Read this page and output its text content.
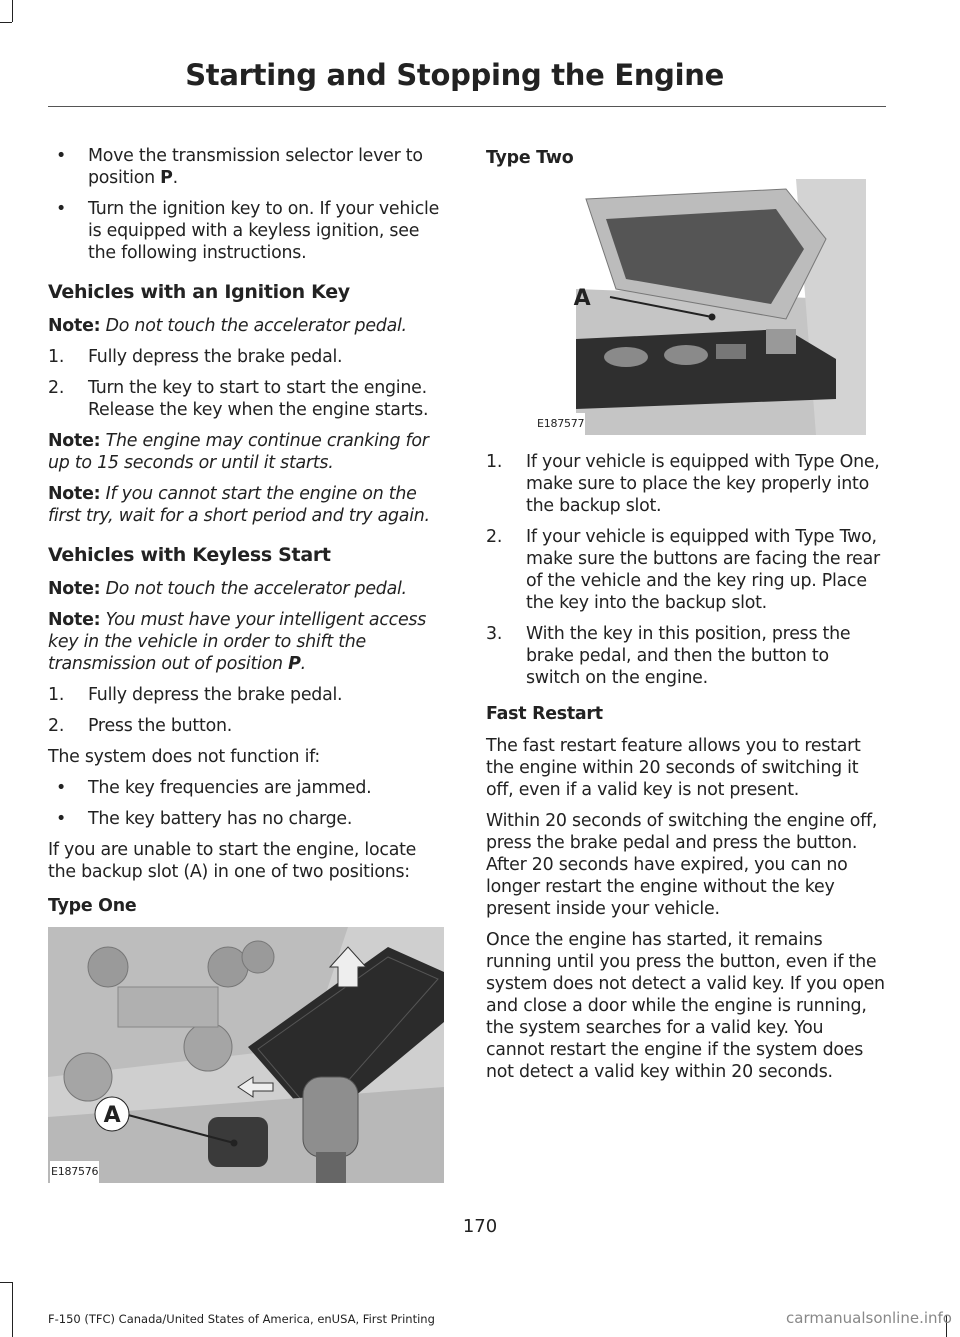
Starting and Stopping the Engine
• Move the transmission selector lever to position P.
• Turn the ignition key to on. If your vehicle is equipped with a keyless ignition, see the following instructions.
Vehicles with an Ignition Key
Note: Do not touch the accelerator pedal.
1. Fully depress the brake pedal.
2. Turn the key to start to start the engine. Release the key when the engine starts.
Note: The engine may continue cranking for up to 15 seconds or until it starts.
Note: If you cannot start the engine on the first try, wait for a short period and try again.
Vehicles with Keyless Start
Note: Do not touch the accelerator pedal.
Note: You must have your intelligent access key in the vehicle in order to shift the transmission out of position P.
1. Fully depress the brake pedal.
2. Press the button.
The system does not function if:
• The key frequencies are jammed.
• The key battery has no charge.
If you are unable to start the engine, locate the backup slot (A) in one of two positions:
Type One
A
E187576
Type Two
A
E187577
1. If your vehicle is equipped with Type One, make sure to place the key properly into the backup slot.
2. If your vehicle is equipped with Type Two, make sure the buttons are facing the rear of the vehicle and the key ring up. Place the key into the backup slot.
3. With the key in this position, press the brake pedal, and then the button to switch on the engine.
Fast Restart
The fast restart feature allows you to restart the engine within 20 seconds of switching it off, even if a valid key is not present.
Within 20 seconds of switching the engine off, press the brake pedal and press the button. After 20 seconds have expired, you can no longer restart the engine without the key present inside your vehicle.
Once the engine has started, it remains running until you press the button, even if the system does not detect a valid key. If you open and close a door while the engine is running, the system searches for a valid key. You cannot restart the engine if the system does not detect a valid key within 20 seconds.
170
F-150 (TFC) Canada/United States of America, enUSA, First Printing	carmanualsonline.info
